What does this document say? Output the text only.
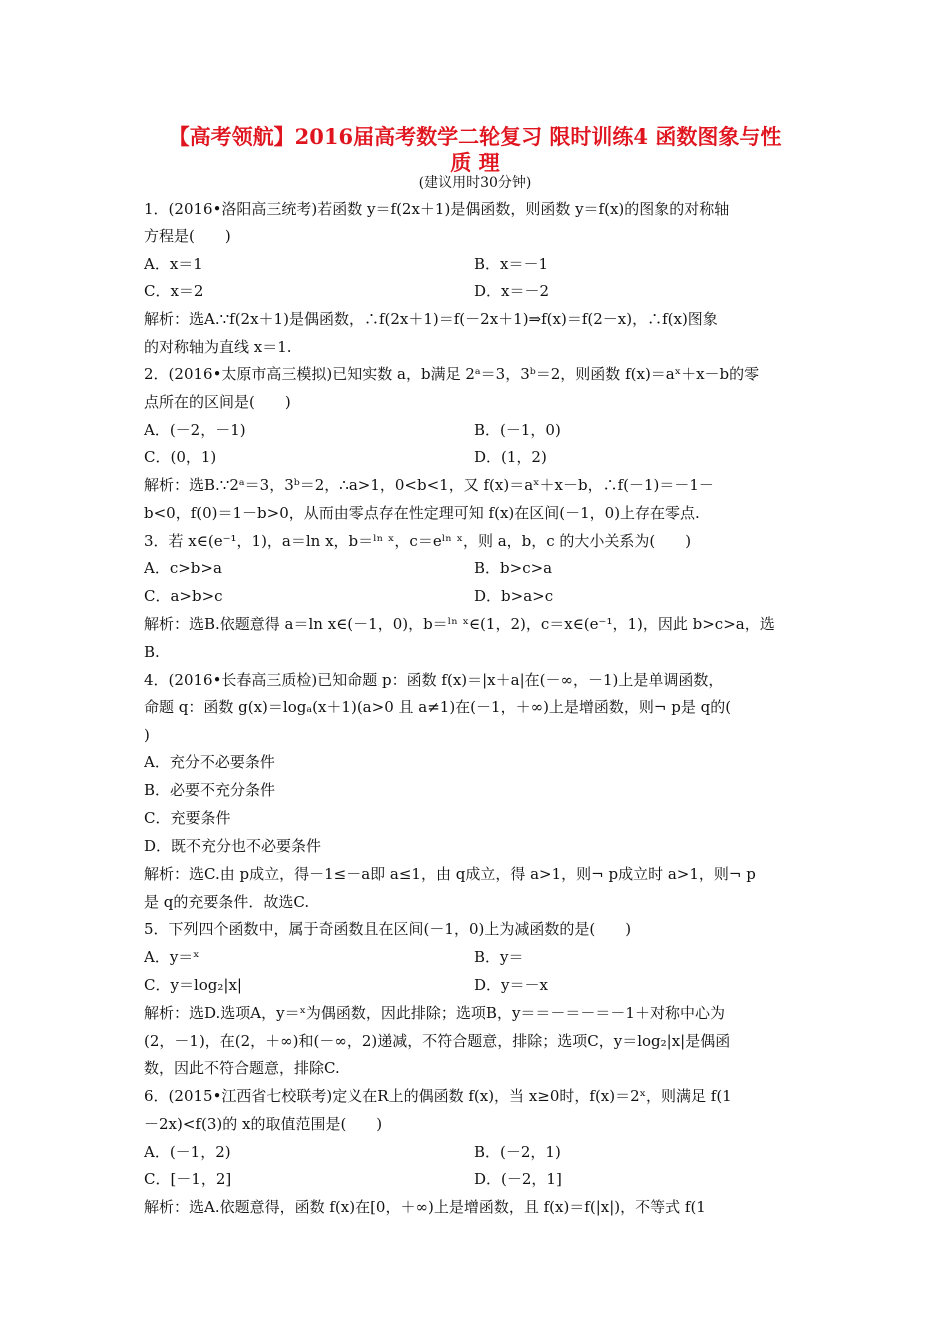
【高考领航】2016届高考数学二轮复习 限时训练4 函数图象与性
质 理
(建议用时30分钟)
1．(2016•洛阳高三统考)若函数 y＝f(2x＋1)是偶函数，则函数 y＝f(x)的图象的对称轴
方程是(　　)
A．x＝1	B．x＝－1
C．x＝2	D．x＝－2
解析：选A.∵f(2x＋1)是偶函数，∴f(2x＋1)＝f(－2x＋1)⇒f(x)＝f(2－x)，∴f(x)图象
的对称轴为直线 x＝1.
2．(2016•太原市高三模拟)已知实数 a，b满足 2ᵃ＝3，3ᵇ＝2，则函数 f(x)＝aˣ＋x－b的零
点所在的区间是(　　)
A．(－2，－1)	B．(－1，0)
C．(0，1)	D．(1，2)
解析：选B.∵2ᵃ＝3，3ᵇ＝2，∴a>1，0<b<1，又 f(x)＝aˣ＋x－b，∴f(－1)＝－1－
b<0，f(0)＝1－b>0，从而由零点存在性定理可知 f(x)在区间(－1，0)上存在零点.
3．若 x∈(e⁻¹，1)，a＝ln x，b＝ˡⁿ ˣ，c＝eˡⁿ ˣ，则 a，b，c 的大小关系为(　　)
A．c>b>a	B．b>c>a
C．a>b>c	D．b>a>c
解析：选B.依题意得 a＝ln x∈(－1，0)，b＝ˡⁿ ˣ∈(1，2)，c＝x∈(e⁻¹，1)，因此 b>c>a，选
B.
4．(2016•长春高三质检)已知命题 p：函数 f(x)＝|x＋a|在(－∞，－1)上是单调函数，
命题 q：函数 g(x)＝logₐ(x＋1)(a>0 且 a≠1)在(－1，＋∞)上是增函数，则¬ p是 q的(
)
A．充分不必要条件
B．必要不充分条件
C．充要条件
D．既不充分也不必要条件
解析：选C.由 p成立，得－1≤－a即 a≤1，由 q成立，得 a>1，则¬ p成立时 a>1，则¬ p
是 q的充要条件．故选C.
5．下列四个函数中，属于奇函数且在区间(－1，0)上为减函数的是(　　)
A．y＝ˣ	B．y＝
C．y＝log₂|x|	D．y＝－x
解析：选D.选项A，y＝ˣ为偶函数，因此排除；选项B，y＝＝－＝－＝－1＋对称中心为
(2，－1)，在(2，＋∞)和(－∞，2)递减，不符合题意，排除；选项C，y＝log₂|x|是偶函
数，因此不符合题意，排除C.
6．(2015•江西省七校联考)定义在R上的偶函数 f(x)，当 x≥0时，f(x)＝2ˣ，则满足 f(1
－2x)<f(3)的 x的取值范围是(　　)
A．(－1，2)	B．(－2，1)
C．[－1，2]	D．(－2，1]
解析：选A.依题意得，函数 f(x)在[0，＋∞)上是增函数，且 f(x)＝f(|x|)，不等式 f(1
